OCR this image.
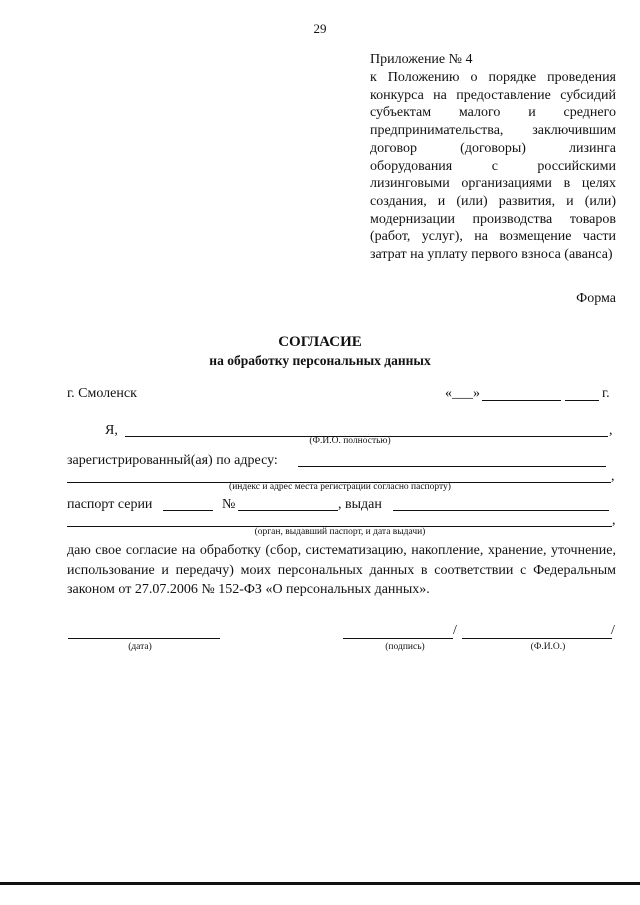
29
Приложение № 4
к Положению о порядке проведения конкурса на предоставление субсидий субъектам малого и среднего предпринимательства, заключившим договор (договоры) лизинга оборудования с российскими лизинговыми организациями в целях создания, и (или) развития, и (или) модернизации производства товаров (работ, услуг), на возмещение части затрат на уплату первого взноса (аванса)
Форма
СОГЛАСИЕ
на обработку персональных данных
г. Смоленск	«___»	г.
Я,	,
(Ф.И.О. полностью)
зарегистрированный(ая) по адресу:
,
(индекс и адрес места регистрации согласно паспорту)
паспорт серии	№	, выдан
,
(орган, выдавший паспорт, и дата выдачи)
даю свое согласие на обработку (сбор, систематизацию, накопление, хранение, уточнение, использование и передачу) моих персональных данных в соответствии с Федеральным законом от 27.07.2006 № 152-ФЗ «О персональных данных».
(дата)
/	/
(подпись)	(Ф.И.О.)
